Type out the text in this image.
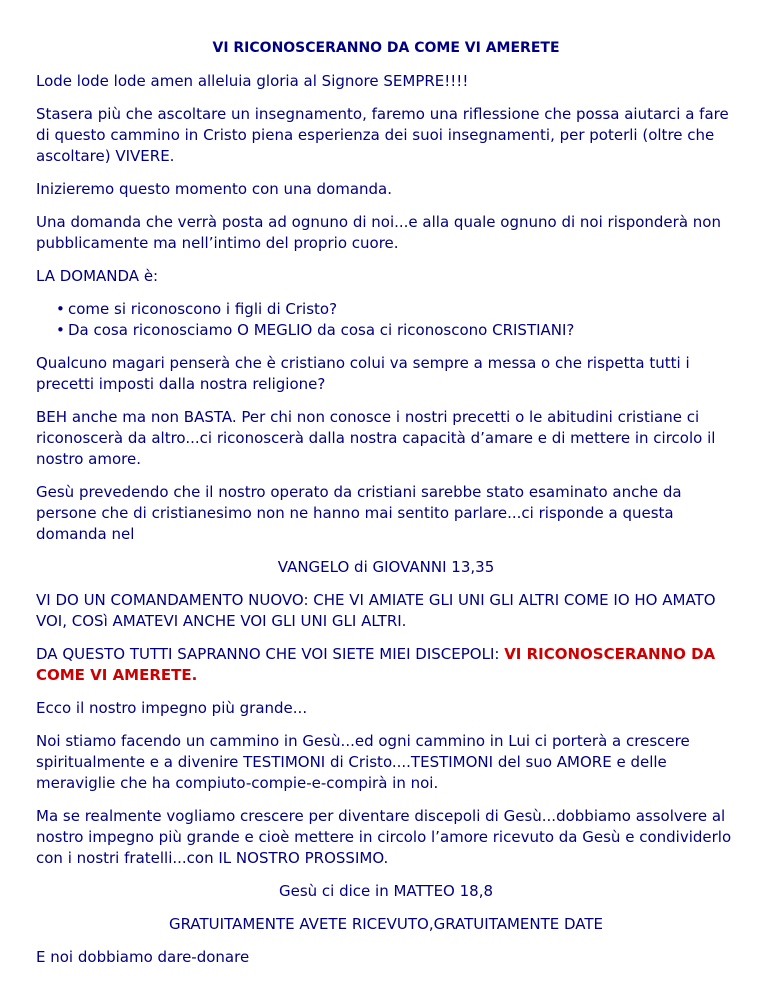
VI RICONOSCERANNO DA COME VI AMERETE

Lode lode lode amen alleluia gloria al Signore SEMPRE!!!!

Stasera più che ascoltare un insegnamento, faremo una riflessione che possa aiutarci a fare di questo cammino in Cristo piena esperienza dei suoi insegnamenti, per poterli (oltre che ascoltare) VIVERE.

Inizieremo questo momento con una domanda.

Una domanda che verrà posta ad ognuno di noi...e alla quale ognuno di noi risponderà non pubblicamente ma nell’intimo del proprio cuore.

LA DOMANDA è:

• come si riconoscono i figli di Cristo?
• Da cosa riconosciamo O MEGLIO da cosa ci riconoscono CRISTIANI?

Qualcuno magari penserà che è cristiano colui va sempre a messa o che rispetta tutti i precetti imposti dalla nostra religione?

BEH anche ma non BASTA. Per chi non conosce i nostri precetti o le abitudini cristiane ci riconoscerà da altro...ci riconoscerà dalla nostra capacità d’amare e di mettere in circolo il nostro amore.

Gesù prevedendo che il nostro operato da cristiani sarebbe stato esaminato anche da persone che di cristianesimo non ne hanno mai sentito parlare...ci risponde a questa domanda nel

VANGELO di GIOVANNI 13,35

VI DO UN COMANDAMENTO NUOVO: CHE VI AMIATE GLI UNI GLI ALTRI COME IO HO AMATO VOI, COSì AMATEVI ANCHE VOI GLI UNI GLI ALTRI.

DA QUESTO TUTTI SAPRANNO CHE VOI SIETE MIEI DISCEPOLI: VI RICONOSCERANNO DA COME VI AMERETE.

Ecco il nostro impegno più grande...

Noi stiamo facendo un cammino in Gesù...ed ogni cammino in Lui ci porterà a crescere spiritualmente e a divenire TESTIMONI di Cristo....TESTIMONI del suo AMORE e delle meraviglie che ha compiuto-compie-e-compirà in noi.

Ma se realmente vogliamo crescere per diventare discepoli di Gesù...dobbiamo assolvere al nostro impegno più grande e cioè mettere in circolo l’amore ricevuto da Gesù e condividerlo con i nostri fratelli...con IL NOSTRO PROSSIMO.

Gesù ci dice in MATTEO 18,8

GRATUITAMENTE AVETE RICEVUTO,GRATUITAMENTE DATE

E noi dobbiamo dare-donare
